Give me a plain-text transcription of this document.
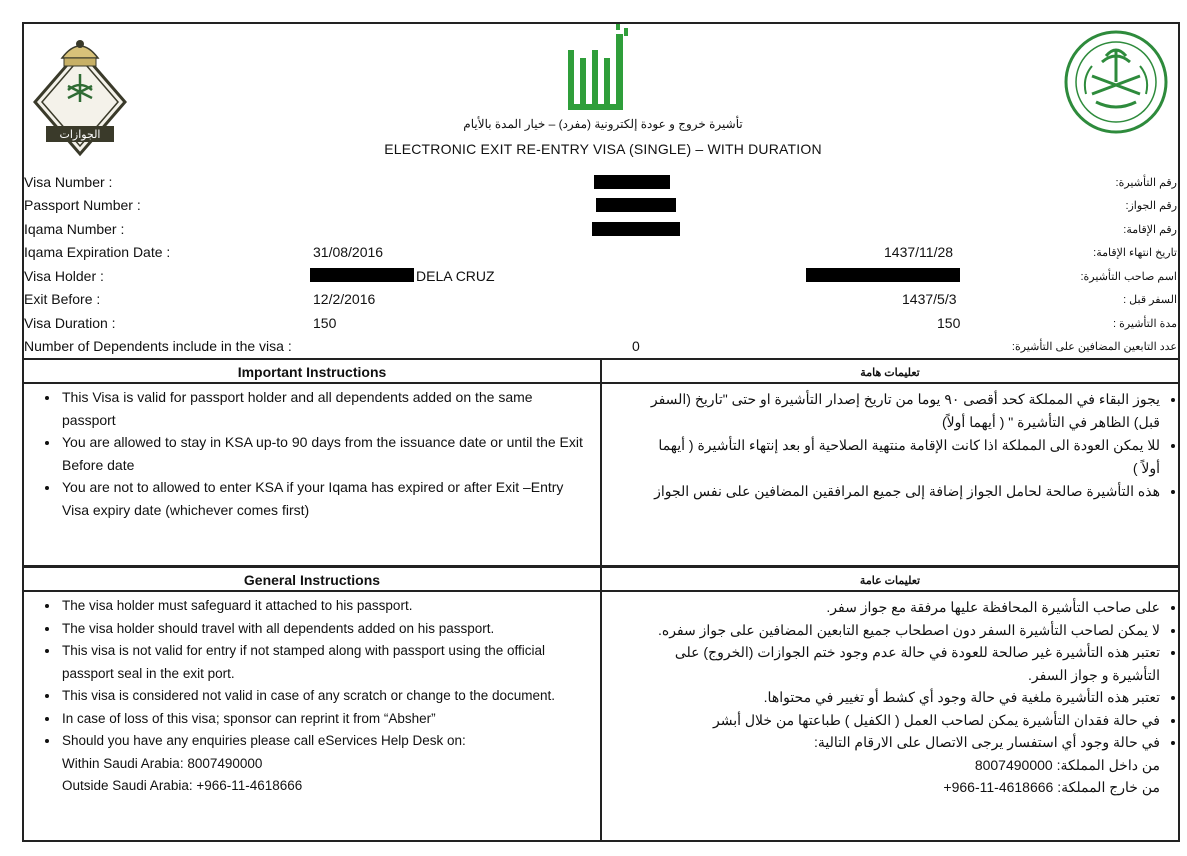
الجوازات
تأشيرة خروج و عودة إلكترونية (مفرد) – خيار المدة بالأيام
ELECTRONIC EXIT RE-ENTRY VISA (SINGLE) – WITH DURATION
Visa Number :	رقم التأشيرة:
Passport Number :	رقم الجواز:
Iqama Number :	رقم الإقامة:
Iqama Expiration Date :	31/08/2016	1437/11/28	تاريخ انتهاء الإقامة:
Visa Holder :	DELA CRUZ	اسم صاحب التأشيرة:
Exit Before :	12/2/2016	1437/5/3	السفر قبل :
Visa Duration :	150	150	مدة التأشيرة :
Number of Dependents include in the visa :	0	عدد التابعين المضافين على التأشيرة:
Important Instructions	تعليمات هامة
• This Visa is valid for passport holder and all dependents added on the same passport
• You are allowed to stay in KSA up-to 90 days from the issuance date or until the Exit Before date
• You are not to allowed to enter KSA if your Iqama has expired or after Exit –Entry Visa expiry date (whichever comes first)
• يجوز البقاء في المملكة كحد أقصى ٩٠ يوما من تاريخ إصدار التأشيرة او حتى "تاريخ (السفر قبل) الظاهر في التأشيرة " ( أيهما أولاً)
• للا يمكن العودة الى المملكة اذا كانت الإقامة منتهية الصلاحية أو بعد إنتهاء التأشيرة ( أيهما أولاً )
• هذه التأشيرة صالحة لحامل الجواز إضافة إلى جميع المرافقين المضافين على نفس الجواز
General Instructions	تعليمات عامة
• The visa holder must safeguard it attached to his passport.
• The visa holder should travel with all dependents added on his passport.
• This visa is not valid for entry if not stamped along with passport using the official passport seal in the exit port.
• This visa is considered not valid in case of any scratch or change to the document.
• In case of loss of this visa; sponsor can reprint it from “Absher”
• Should you have any enquiries please call eServices Help Desk on:
Within Saudi Arabia: 8007490000
Outside Saudi Arabia: +966-11-4618666
• على صاحب التأشيرة المحافظة عليها مرفقة مع جواز سفر.
• لا يمكن لصاحب التأشيرة السفر دون اصطحاب جميع التابعين المضافين على جواز سفره.
• تعتبر هذه التأشيرة غير صالحة للعودة في حالة عدم وجود ختم الجوازات (الخروج) على التأشيرة و جواز السفر.
• تعتبر هذه التأشيرة ملغية في حالة وجود أي كشط أو تغيير في محتواها.
• في حالة فقدان التأشيرة يمكن لصاحب العمل ( الكفيل ) طباعتها من خلال أبشر
• في حالة وجود أي استفسار يرجى الاتصال على الارقام التالية:
من داخل المملكة: 8007490000
من خارج المملكة: 4618666-11-966+
